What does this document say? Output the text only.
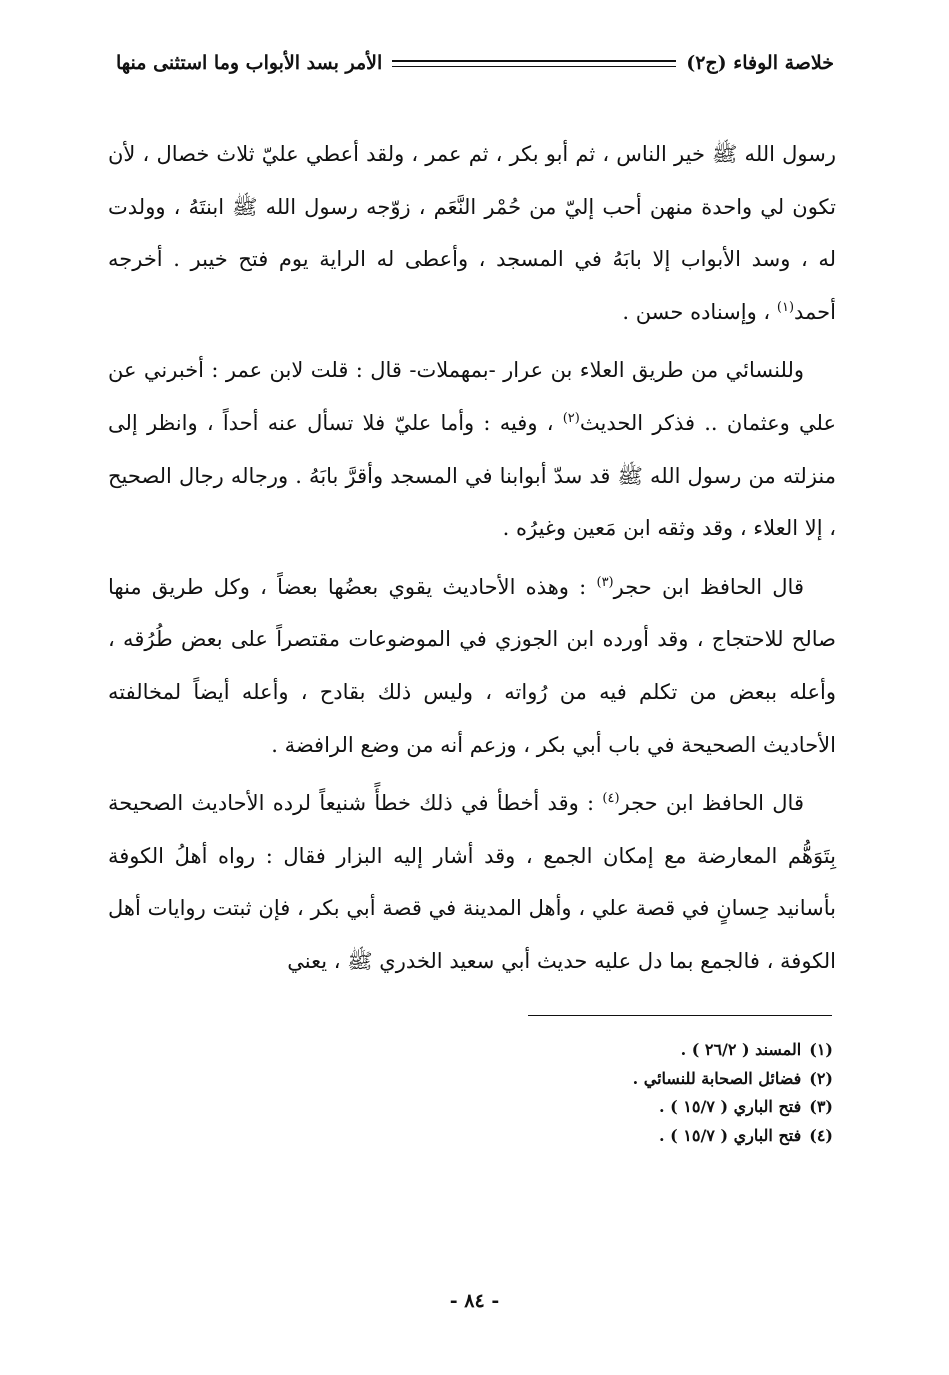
خلاصة الوفاء (ج٢)
الأمر بسد الأبواب وما استثنى منها

رسول الله ﷺ خير الناس ، ثم أبو بكر ، ثم عمر ، ولقد أعطي عليّ ثلاث خصال ، لأن تكون لي واحدة منهن أحب إليّ من حُمْر النَّعَم ، زوّجه رسول الله ﷺ ابنتَهُ ، وولدت له ، وسد الأبواب إلا بابَهُ في المسجد ، وأعطى له الراية يوم فتح خيبر . أخرجه أحمد$^{(١)}$ ، وإسناده حسن .

وللنسائي من طريق العلاء بن عرار -بمهملات- قال : قلت لابن عمر : أخبرني عن علي وعثمان .. فذكر الحديث$^{(٢)}$ ، وفيه : وأما عليّ فلا تسأل عنه أحداً ، وانظر إلى منزلته من رسول الله ﷺ قد سدّ أبوابنا في المسجد وأقرَّ بابَهُ . ورجاله رجال الصحيح ، إلا العلاء ، وقد وثقه ابن مَعين وغيرُه .

قال الحافظ ابن حجر$^{(٣)}$ : وهذه الأحاديث يقوي بعضُها بعضاً ، وكل طريق منها صالح للاحتجاج ، وقد أورده ابن الجوزي في الموضوعات مقتصراً على بعض طُرُقه ، وأعله ببعض من تكلم فيه من رُواته ، وليس ذلك بقادح ، وأعله أيضاً لمخالفته الأحاديث الصحيحة في باب أبي بكر ، وزعم أنه من وضع الرافضة .

قال الحافظ ابن حجر$^{(٤)}$ : وقد أخطأ في ذلك خطأً شنيعاً لرده الأحاديث الصحيحة بِتَوَهُّم المعارضة مع إمكان الجمع ، وقد أشار إليه البزار فقال : رواه أهلُ الكوفة بأسانيد حِسانٍ في قصة علي ، وأهل المدينة في قصة أبي بكر ، فإن ثبتت روايات أهل الكوفة ، فالجمع بما دل عليه حديث أبي سعيد الخدري ﷺ ، يعني

(١)المسند ( ٢٦/٢ ) .
(٢)فضائل الصحابة للنسائي .
(٣)فتح الباري ( ١٥/٧ ) .
(٤)فتح الباري ( ١٥/٧ ) .
- ٨٤ -
